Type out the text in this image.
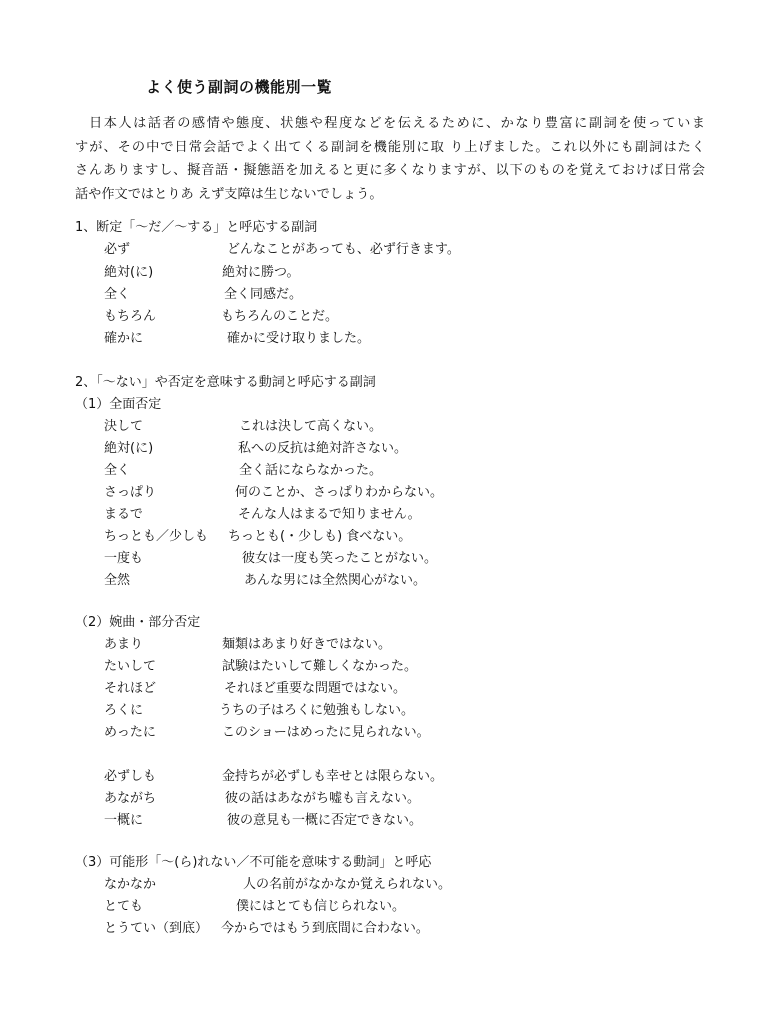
よく使う副詞の機能別一覧
日本人は話者の感情や態度、状態や程度などを伝えるために、かなり豊富に副詞を使っていま
すが、その中で日常会話でよく出てくる副詞を機能別に取 り上げました。これ以外にも副詞はたく
さんありますし、擬音語・擬態語を加えると更に多くなりますが、以下のものを覚えておけば日常会
話や作文ではとりあ えず支障は生じないでしょう。
1、断定「～だ／～する」と呼応する副詞
必ず	どんなことがあっても、必ず行きます。
絶対(に)	絶対に勝つ。
全く	全く同感だ。
もちろん	もちろんのことだ。
確かに	確かに受け取りました。
2、「～ない」や否定を意味する動詞と呼応する副詞
（1）全面否定
決して	これは決して高くない。
絶対(に)	私への反抗は絶対許さない。
全く	全く話にならなかった。
さっぱり	何のことか、さっぱりわからない。
まるで	そんな人はまるで知りません。
ちっとも／少しも ちっとも(・少しも) 食べない。
一度も	彼女は一度も笑ったことがない。
全然	あんな男には全然関心がない。
（2）婉曲・部分否定
あまり	麺類はあまり好きではない。
たいして	試験はたいして難しくなかった。
それほど	それほど重要な問題ではない。
ろくに	うちの子はろくに勉強もしない。
めったに	このショーはめったに見られない。
必ずしも	金持ちが必ずしも幸せとは限らない。
あながち	彼の話はあながち嘘も言えない。
一概に	彼の意見も一概に否定できない。
（3）可能形「～(ら)れない／不可能を意味する動詞」と呼応
なかなか	人の名前がなかなか覚えられない。
とても	僕にはとても信じられない。
とうてい（到底） 今からではもう到底間に合わない。
